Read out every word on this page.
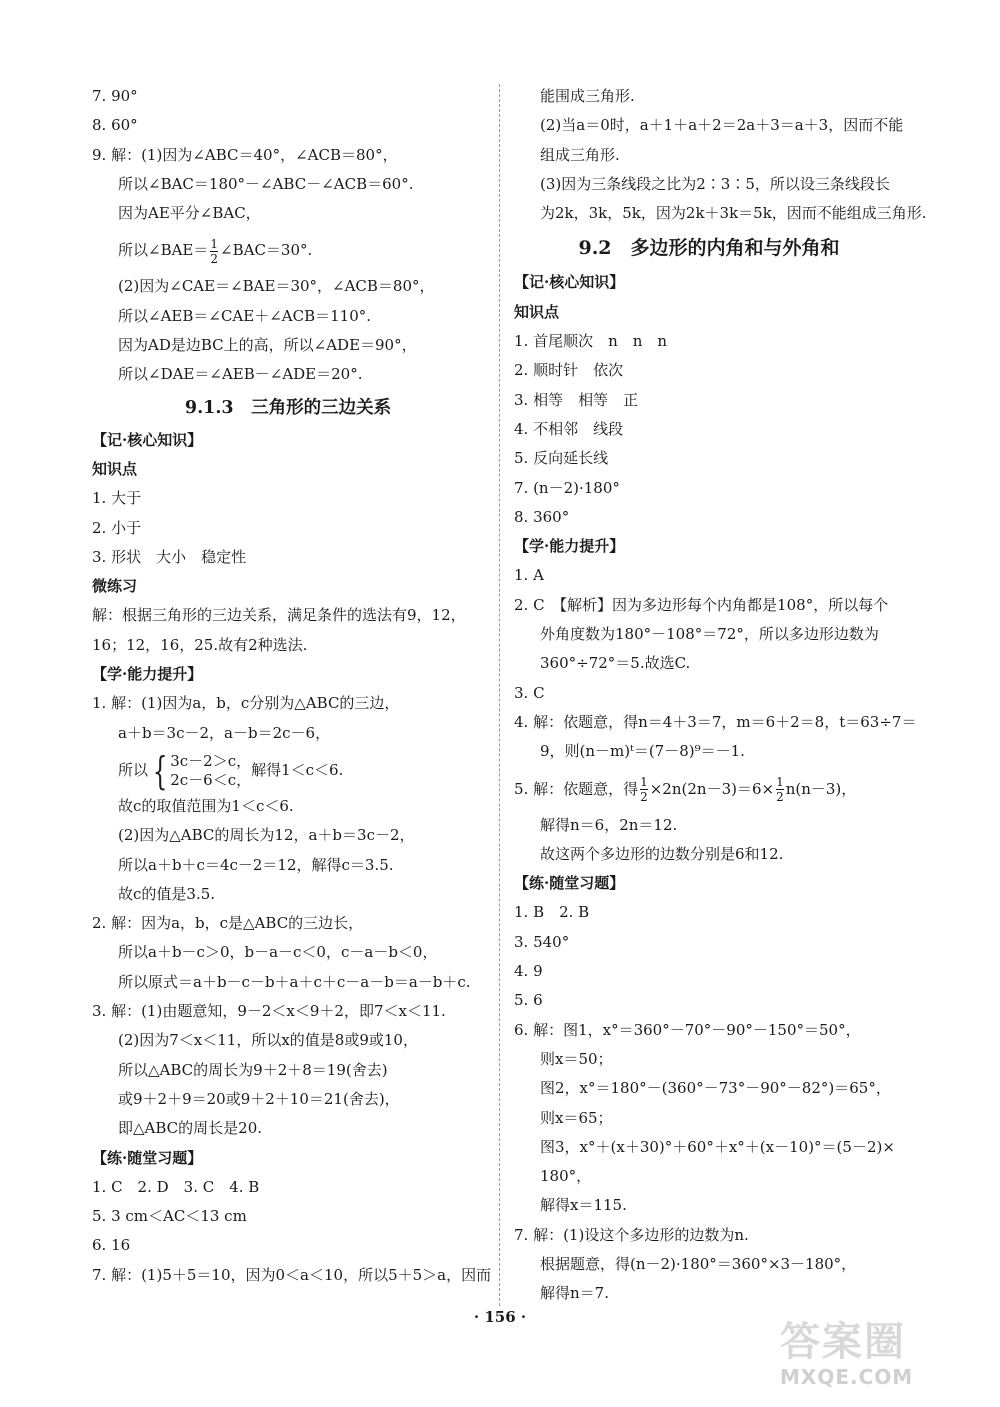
7. 90°
8. 60°
9. 解：(1)因为∠ABC＝40°，∠ACB＝80°，
所以∠BAC＝180°－∠ABC－∠ACB＝60°.
因为AE平分∠BAC，
所以∠BAE＝ $\frac{1}{2}$ ∠BAC＝30°.
(2)因为∠CAE＝∠BAE＝30°，∠ACB＝80°，
所以∠AEB＝∠CAE＋∠ACB＝110°.
因为AD是边BC上的高，所以∠ADE＝90°，
所以∠DAE＝∠AEB－∠ADE＝20°.
9.1.3　三角形的三边关系
【记·核心知识】
知识点
1. 大于
2. 小于
3. 形状　大小　稳定性
微练习
解：根据三角形的三边关系，满足条件的选法有9，12，
16；12，16，25.故有2种选法.
【学·能力提升】
1. 解：(1)因为a，b，c分别为△ABC的三边，
a＋b＝3c－2，a－b＝2c－6，
所以 { 3c－2＞c，
2c－6＜c，
解得1＜c＜6.
故c的取值范围为1＜c＜6.
(2)因为△ABC的周长为12，a＋b＝3c－2，
所以a＋b＋c＝4c－2＝12，解得c＝3.5.
故c的值是3.5.
2. 解：因为a，b，c是△ABC的三边长，
所以a＋b－c＞0，b－a－c＜0，c－a－b＜0，
所以原式＝a＋b－c－b＋a＋c＋c－a－b＝a－b＋c.
3. 解：(1)由题意知，9－2＜x＜9＋2，即7＜x＜11.
(2)因为7＜x＜11，所以x的值是8或9或10，
所以△ABC的周长为9＋2＋8＝19(舍去)
或9＋2＋9＝20或9＋2＋10＝21(舍去)，
即△ABC的周长是20.
【练·随堂习题】
1. C　2. D　3. C　4. B
5. 3 cm＜AC＜13 cm
6. 16
7. 解：(1)5＋5＝10，因为0＜a＜10，所以5＋5＞a，因而
能围成三角形.
(2)当a＝0时，a＋1＋a＋2＝2a＋3＝a＋3，因而不能
组成三角形.
(3)因为三条线段之比为2∶3∶5，所以设三条线段长
为2k，3k，5k，因为2k＋3k＝5k，因而不能组成三角形.
9.2　多边形的内角和与外角和
【记·核心知识】
知识点
1. 首尾顺次　n　n　n
2. 顺时针　依次
3. 相等　相等　正
4. 不相邻　线段
5. 反向延长线
7. (n－2)·180°
8. 360°
【学·能力提升】
1. A
2. C　【解析】因为多边形每个内角都是108°，所以每个
外角度数为180°－108°＝72°，所以多边形边数为
360°÷72°＝5.故选C.
3. C
4. 解：依题意，得n＝4＋3＝7，m＝6＋2＝8，t＝63÷7＝
9，则(n－m)ᵗ＝(7－8)⁹＝－1.
5. 解：依题意，得 $\frac{1}{2} \times 2n(2n-3)=6\times \frac{1}{2} n(n-3)$，
解得n＝6，2n＝12.
故这两个多边形的边数分别是6和12.
【练·随堂习题】
1. B　2. B
3. 540°
4. 9
5. 6
6. 解：图1，x°＝360°－70°－90°－150°＝50°，
则x＝50；
图2，x°＝180°－(360°－73°－90°－82°)＝65°，
则x＝65；
图3，x°＋(x＋30)°＋60°＋x°＋(x－10)°＝(5－2)×
180°，
解得x＝115.
7. 解：(1)设这个多边形的边数为n.
根据题意，得(n－2)·180°＝360°×3－180°，
解得n＝7.
· 156 ·
答案圈
MXQE.COM
